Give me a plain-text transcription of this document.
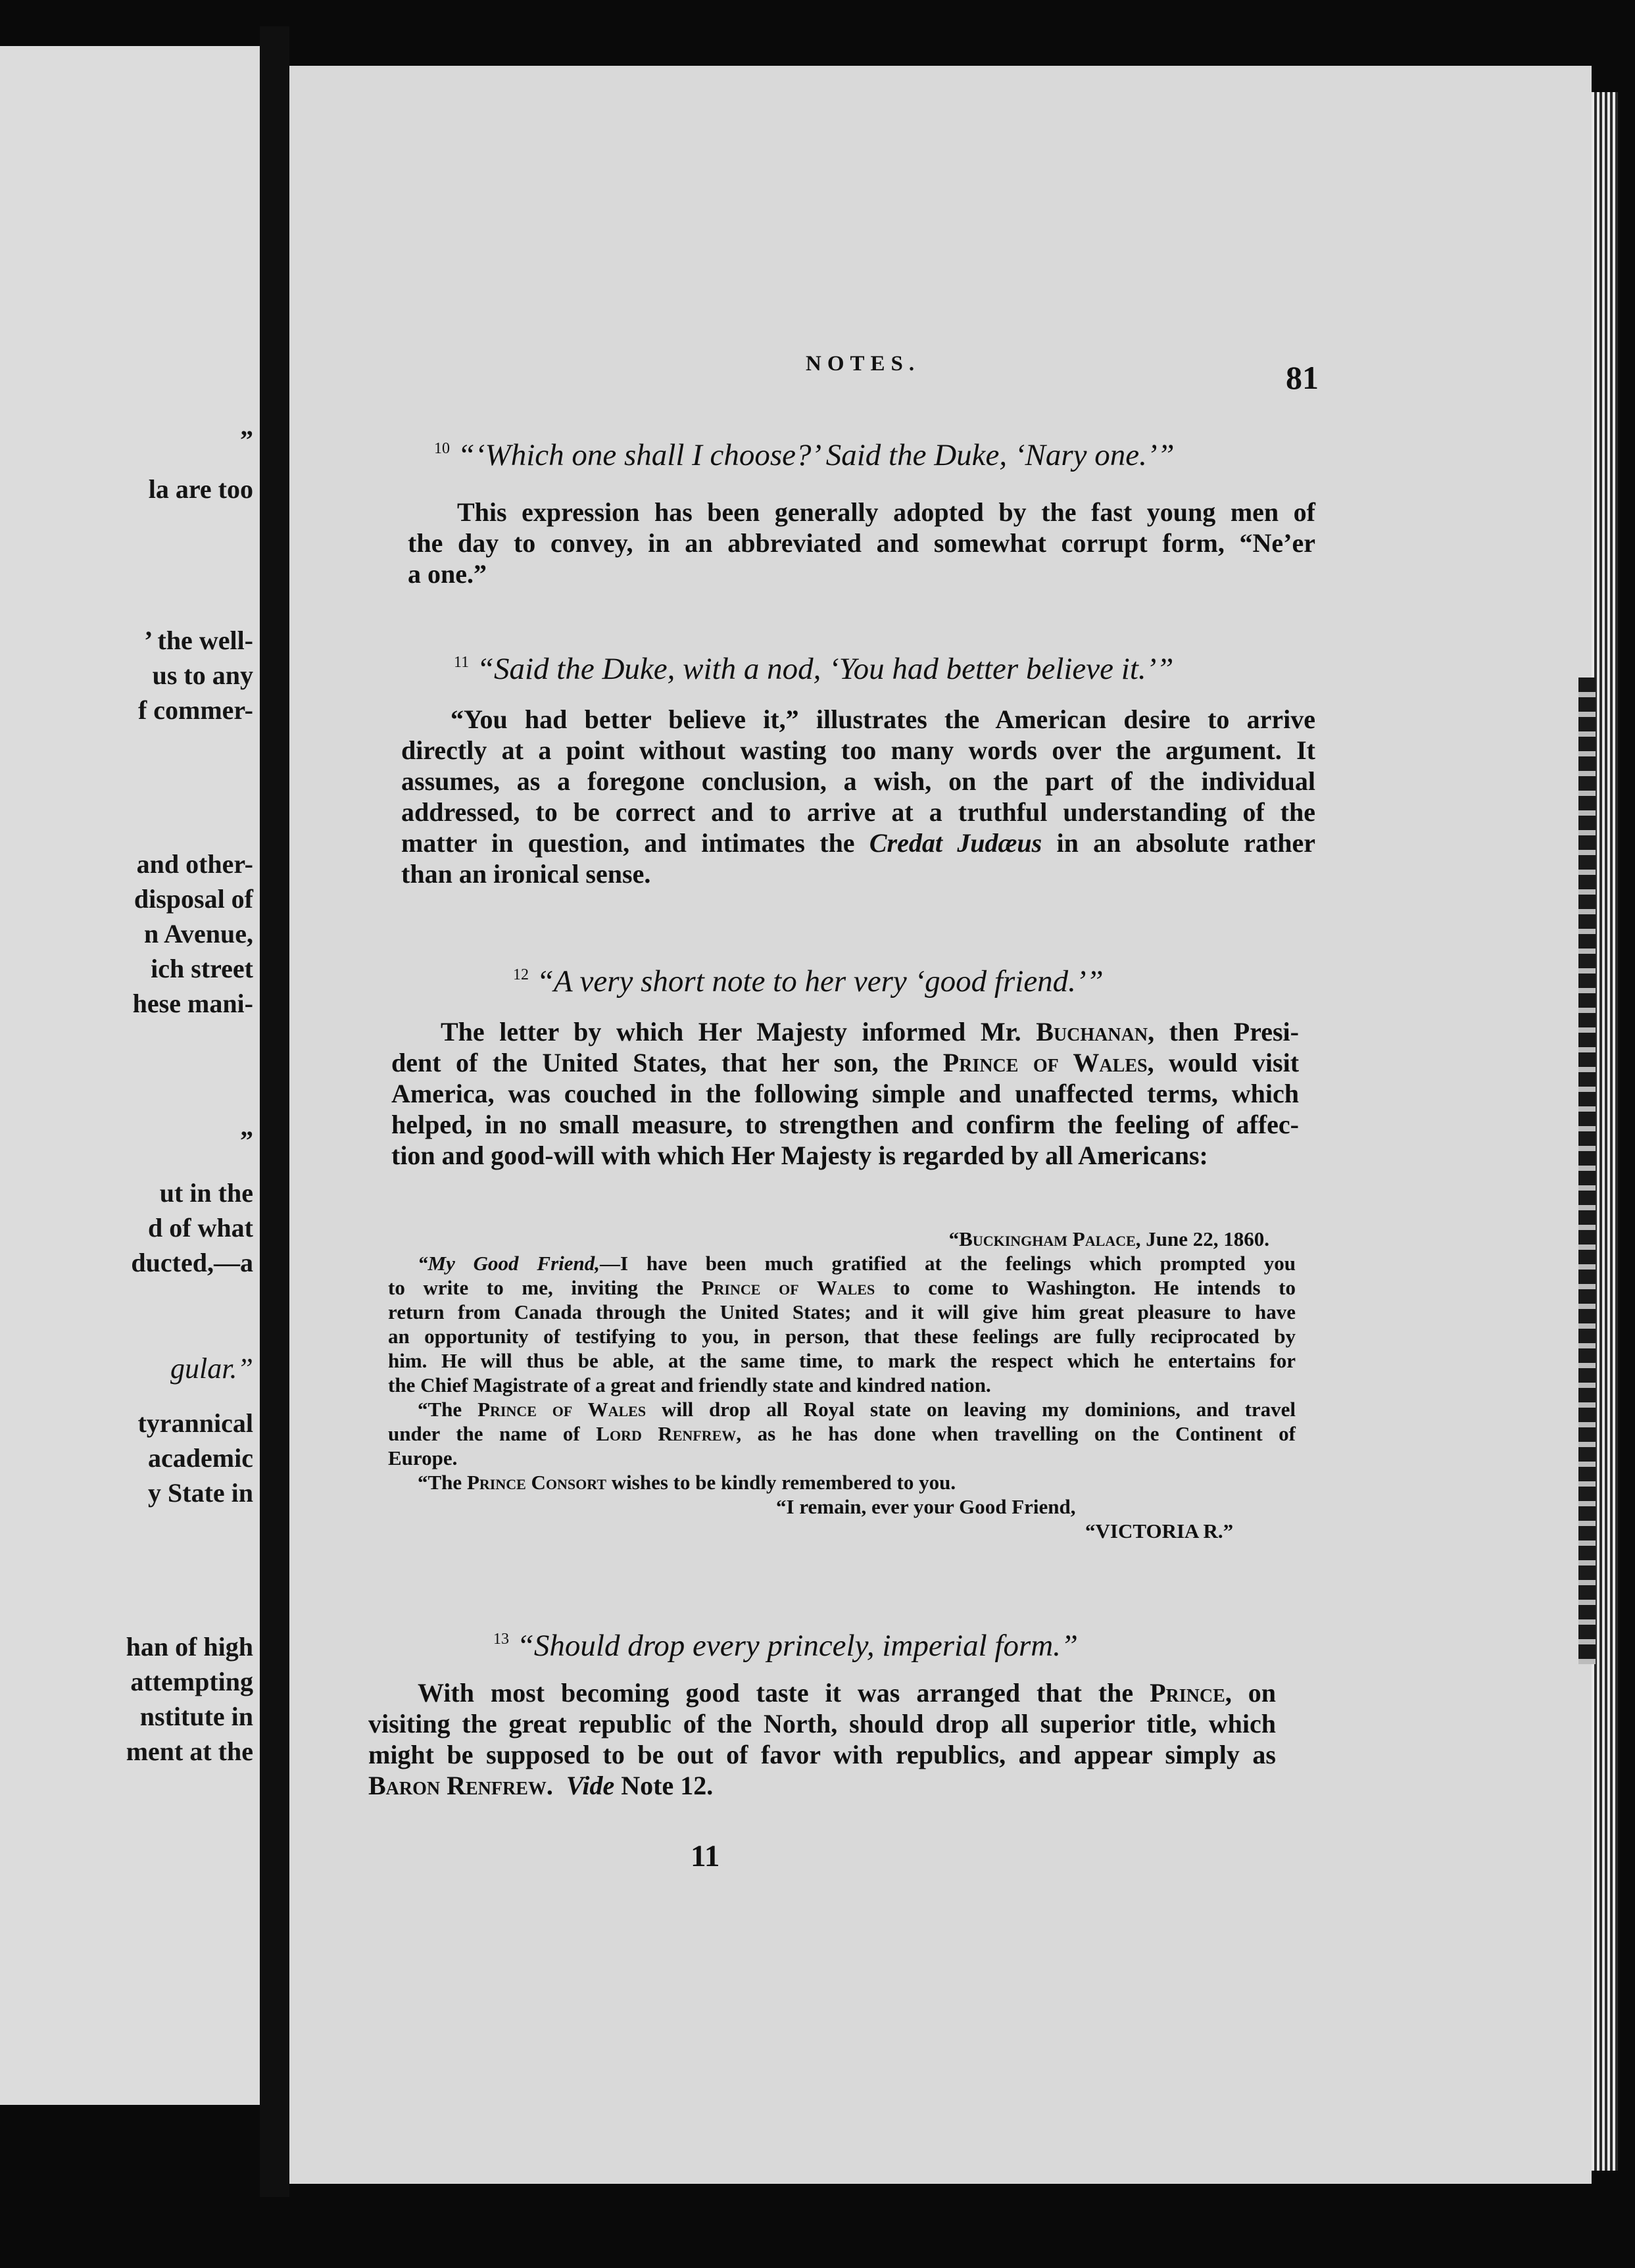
”
la are too
’ the well-
us to any
f commer-
and other-
disposal of
n Avenue,
ich street
hese mani-
”
ut in the
d of what
ducted,—a
gular.”
tyrannical
academic
y State in
han of high
attempting
nstitute in
ment at the
NOTES.	81
$^{10}$ “‘Which one shall I choose?’ Said the Duke, ‘Nary one.’”
This expression has been generally adopted by the fast young men of
the day to convey, in an abbreviated and somewhat corrupt form, “Ne’er
a one.”
$^{11}$ “Said the Duke, with a nod, ‘You had better believe it.’”
“You had better believe it,” illustrates the American desire to arrive
directly at a point without wasting too many words over the argument. It
assumes, as a foregone conclusion, a wish, on the part of the individual
addressed, to be correct and to arrive at a truthful understanding of the
matter in question, and intimates the Credat Judæus in an absolute rather
than an ironical sense.
$^{12}$ “A very short note to her very ‘good friend.’”
The letter by which Her Majesty informed Mr. Buchanan, then Presi-
dent of the United States, that her son, the Prince of Wales, would visit
America, was couched in the following simple and unaffected terms, which
helped, in no small measure, to strengthen and confirm the feeling of affec-
tion and good-will with which Her Majesty is regarded by all Americans:
“Buckingham Palace, June 22, 1860.
“My Good Friend,—I have been much gratified at the feelings which prompted you
to write to me, inviting the Prince of Wales to come to Washington. He intends to
return from Canada through the United States; and it will give him great pleasure to have
an opportunity of testifying to you, in person, that these feelings are fully reciprocated by
him. He will thus be able, at the same time, to mark the respect which he entertains for
the Chief Magistrate of a great and friendly state and kindred nation.
“The Prince of Wales will drop all Royal state on leaving my dominions, and travel
under the name of Lord Renfrew, as he has done when travelling on the Continent of
Europe.
“The Prince Consort wishes to be kindly remembered to you.
“I remain, ever your Good Friend,
“VICTORIA R.”
$^{13}$ “Should drop every princely, imperial form.”
With most becoming good taste it was arranged that the Prince, on
visiting the great republic of the North, should drop all superior title, which
might be supposed to be out of favor with republics, and appear simply as
Baron Renfrew. Vide Note 12.
11
